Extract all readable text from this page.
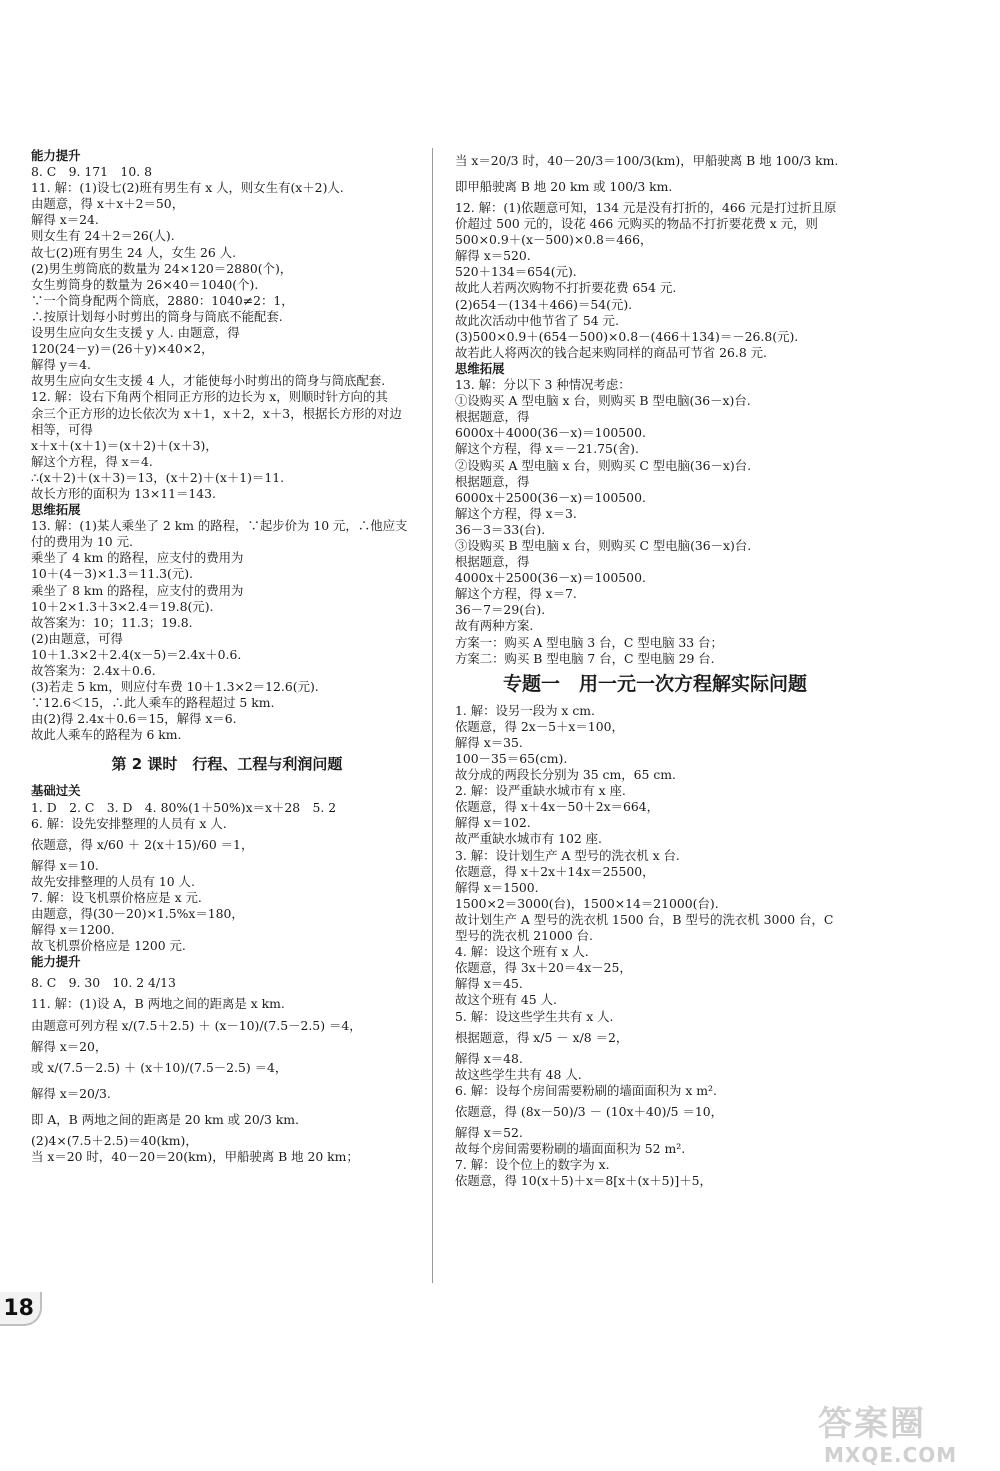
能力提升
8. C　9. 171　10. 8
11. 解：(1)设七(2)班有男生有 x 人，则女生有(x＋2)人.
由题意，得 x＋x＋2＝50，
解得 x＝24.
则女生有 24＋2＝26(人).
故七(2)班有男生 24 人，女生 26 人.
(2)男生剪筒底的数量为 24×120＝2880(个)，
女生剪筒身的数量为 26×40＝1040(个).
∵一个筒身配两个筒底，2880：1040≠2：1，
∴按原计划每小时剪出的筒身与筒底不能配套.
设男生应向女生支援 y 人. 由题意，得
120(24－y)＝(26＋y)×40×2，
解得 y＝4.
故男生应向女生支援 4 人，才能使每小时剪出的筒身与筒底配套.
12. 解：设右下角两个相同正方形的边长为 x，则顺时针方向的其
余三个正方形的边长依次为 x＋1，x＋2，x＋3，根据长方形的对边
相等，可得
x＋x＋(x＋1)＝(x＋2)＋(x＋3)，
解这个方程，得 x＝4.
∴(x＋2)＋(x＋3)＝13，(x＋2)＋(x＋1)＝11.
故长方形的面积为 13×11＝143.
思维拓展
13. 解：(1)某人乘坐了 2 km 的路程，∵起步价为 10 元，∴他应支
付的费用为 10 元.
乘坐了 4 km 的路程，应支付的费用为
10＋(4－3)×1.3＝11.3(元).
乘坐了 8 km 的路程，应支付的费用为
10＋2×1.3＋3×2.4＝19.8(元).
故答案为：10；11.3；19.8.
(2)由题意，可得
10＋1.3×2＋2.4(x－5)＝2.4x＋0.6.
故答案为：2.4x＋0.6.
(3)若走 5 km，则应付车费 10＋1.3×2＝12.6(元).
∵12.6＜15，∴此人乘车的路程超过 5 km.
由(2)得 2.4x＋0.6＝15，解得 x＝6.
故此人乘车的路程为 6 km.
第 2 课时　行程、工程与利润问题
基础过关
1. D　2. C　3. D　4. 80%(1＋50%)x＝x＋28　5. 2
6. 解：设先安排整理的人员有 x 人.
依题意，得 x/60 ＋ 2(x＋15)/60 ＝1，
解得 x＝10.
故先安排整理的人员有 10 人.
7. 解：设飞机票价格应是 x 元.
由题意，得(30－20)×1.5%x＝180，
解得 x＝1200.
故飞机票价格应是 1200 元.
能力提升
8. C　9. 30　10. 2 4/13
11. 解：(1)设 A，B 两地之间的距离是 x km.
由题意可列方程 x/(7.5＋2.5) ＋ (x－10)/(7.5－2.5) ＝4，
解得 x＝20，
或 x/(7.5－2.5) ＋ (x＋10)/(7.5－2.5) ＝4，
解得 x＝20/3.
即 A，B 两地之间的距离是 20 km 或 20/3 km.
(2)4×(7.5＋2.5)＝40(km)，
当 x＝20 时，40－20＝20(km)，甲船驶离 B 地 20 km；
当 x＝20/3 时，40－20/3＝100/3(km)，甲船驶离 B 地 100/3 km.
即甲船驶离 B 地 20 km 或 100/3 km.
12. 解：(1)依题意可知，134 元是没有打折的，466 元是打过折且原
价超过 500 元的，设花 466 元购买的物品不打折要花费 x 元，则
500×0.9＋(x－500)×0.8＝466，
解得 x＝520.
520＋134＝654(元).
故此人若两次购物不打折要花费 654 元.
(2)654－(134＋466)＝54(元).
故此次活动中他节省了 54 元.
(3)500×0.9＋(654－500)×0.8－(466＋134)＝－26.8(元).
故若此人将两次的钱合起来购同样的商品可节省 26.8 元.
思维拓展
13. 解：分以下 3 种情况考虑：
①设购买 A 型电脑 x 台，则购买 B 型电脑(36－x)台.
根据题意，得
6000x＋4000(36－x)＝100500.
解这个方程，得 x＝－21.75(舍).
②设购买 A 型电脑 x 台，则购买 C 型电脑(36－x)台.
根据题意，得
6000x＋2500(36－x)＝100500.
解这个方程，得 x＝3.
36－3＝33(台).
③设购买 B 型电脑 x 台，则购买 C 型电脑(36－x)台.
根据题意，得
4000x＋2500(36－x)＝100500.
解这个方程，得 x＝7.
36－7＝29(台).
故有两种方案.
方案一：购买 A 型电脑 3 台，C 型电脑 33 台；
方案二：购买 B 型电脑 7 台，C 型电脑 29 台.
专题一　用一元一次方程解实际问题
1. 解：设另一段为 x cm.
依题意，得 2x－5＋x＝100，
解得 x＝35.
100－35＝65(cm).
故分成的两段长分别为 35 cm，65 cm.
2. 解：设严重缺水城市有 x 座.
依题意，得 x＋4x－50＋2x＝664，
解得 x＝102.
故严重缺水城市有 102 座.
3. 解：设计划生产 A 型号的洗衣机 x 台.
依题意，得 x＋2x＋14x＝25500，
解得 x＝1500.
1500×2＝3000(台)，1500×14＝21000(台).
故计划生产 A 型号的洗衣机 1500 台，B 型号的洗衣机 3000 台，C
型号的洗衣机 21000 台.
4. 解：设这个班有 x 人.
依题意，得 3x＋20＝4x－25，
解得 x＝45.
故这个班有 45 人.
5. 解：设这些学生共有 x 人.
根据题意，得 x/5 － x/8 ＝2，
解得 x＝48.
故这些学生共有 48 人.
6. 解：设每个房间需要粉刷的墙面面积为 x m².
依题意，得 (8x－50)/3 － (10x＋40)/5 ＝10，
解得 x＝52.
故每个房间需要粉刷的墙面面积为 52 m².
7. 解：设个位上的数字为 x.
依题意，得 10(x＋5)＋x＝8[x＋(x＋5)]＋5，
18
答案圈
MXQE.COM
